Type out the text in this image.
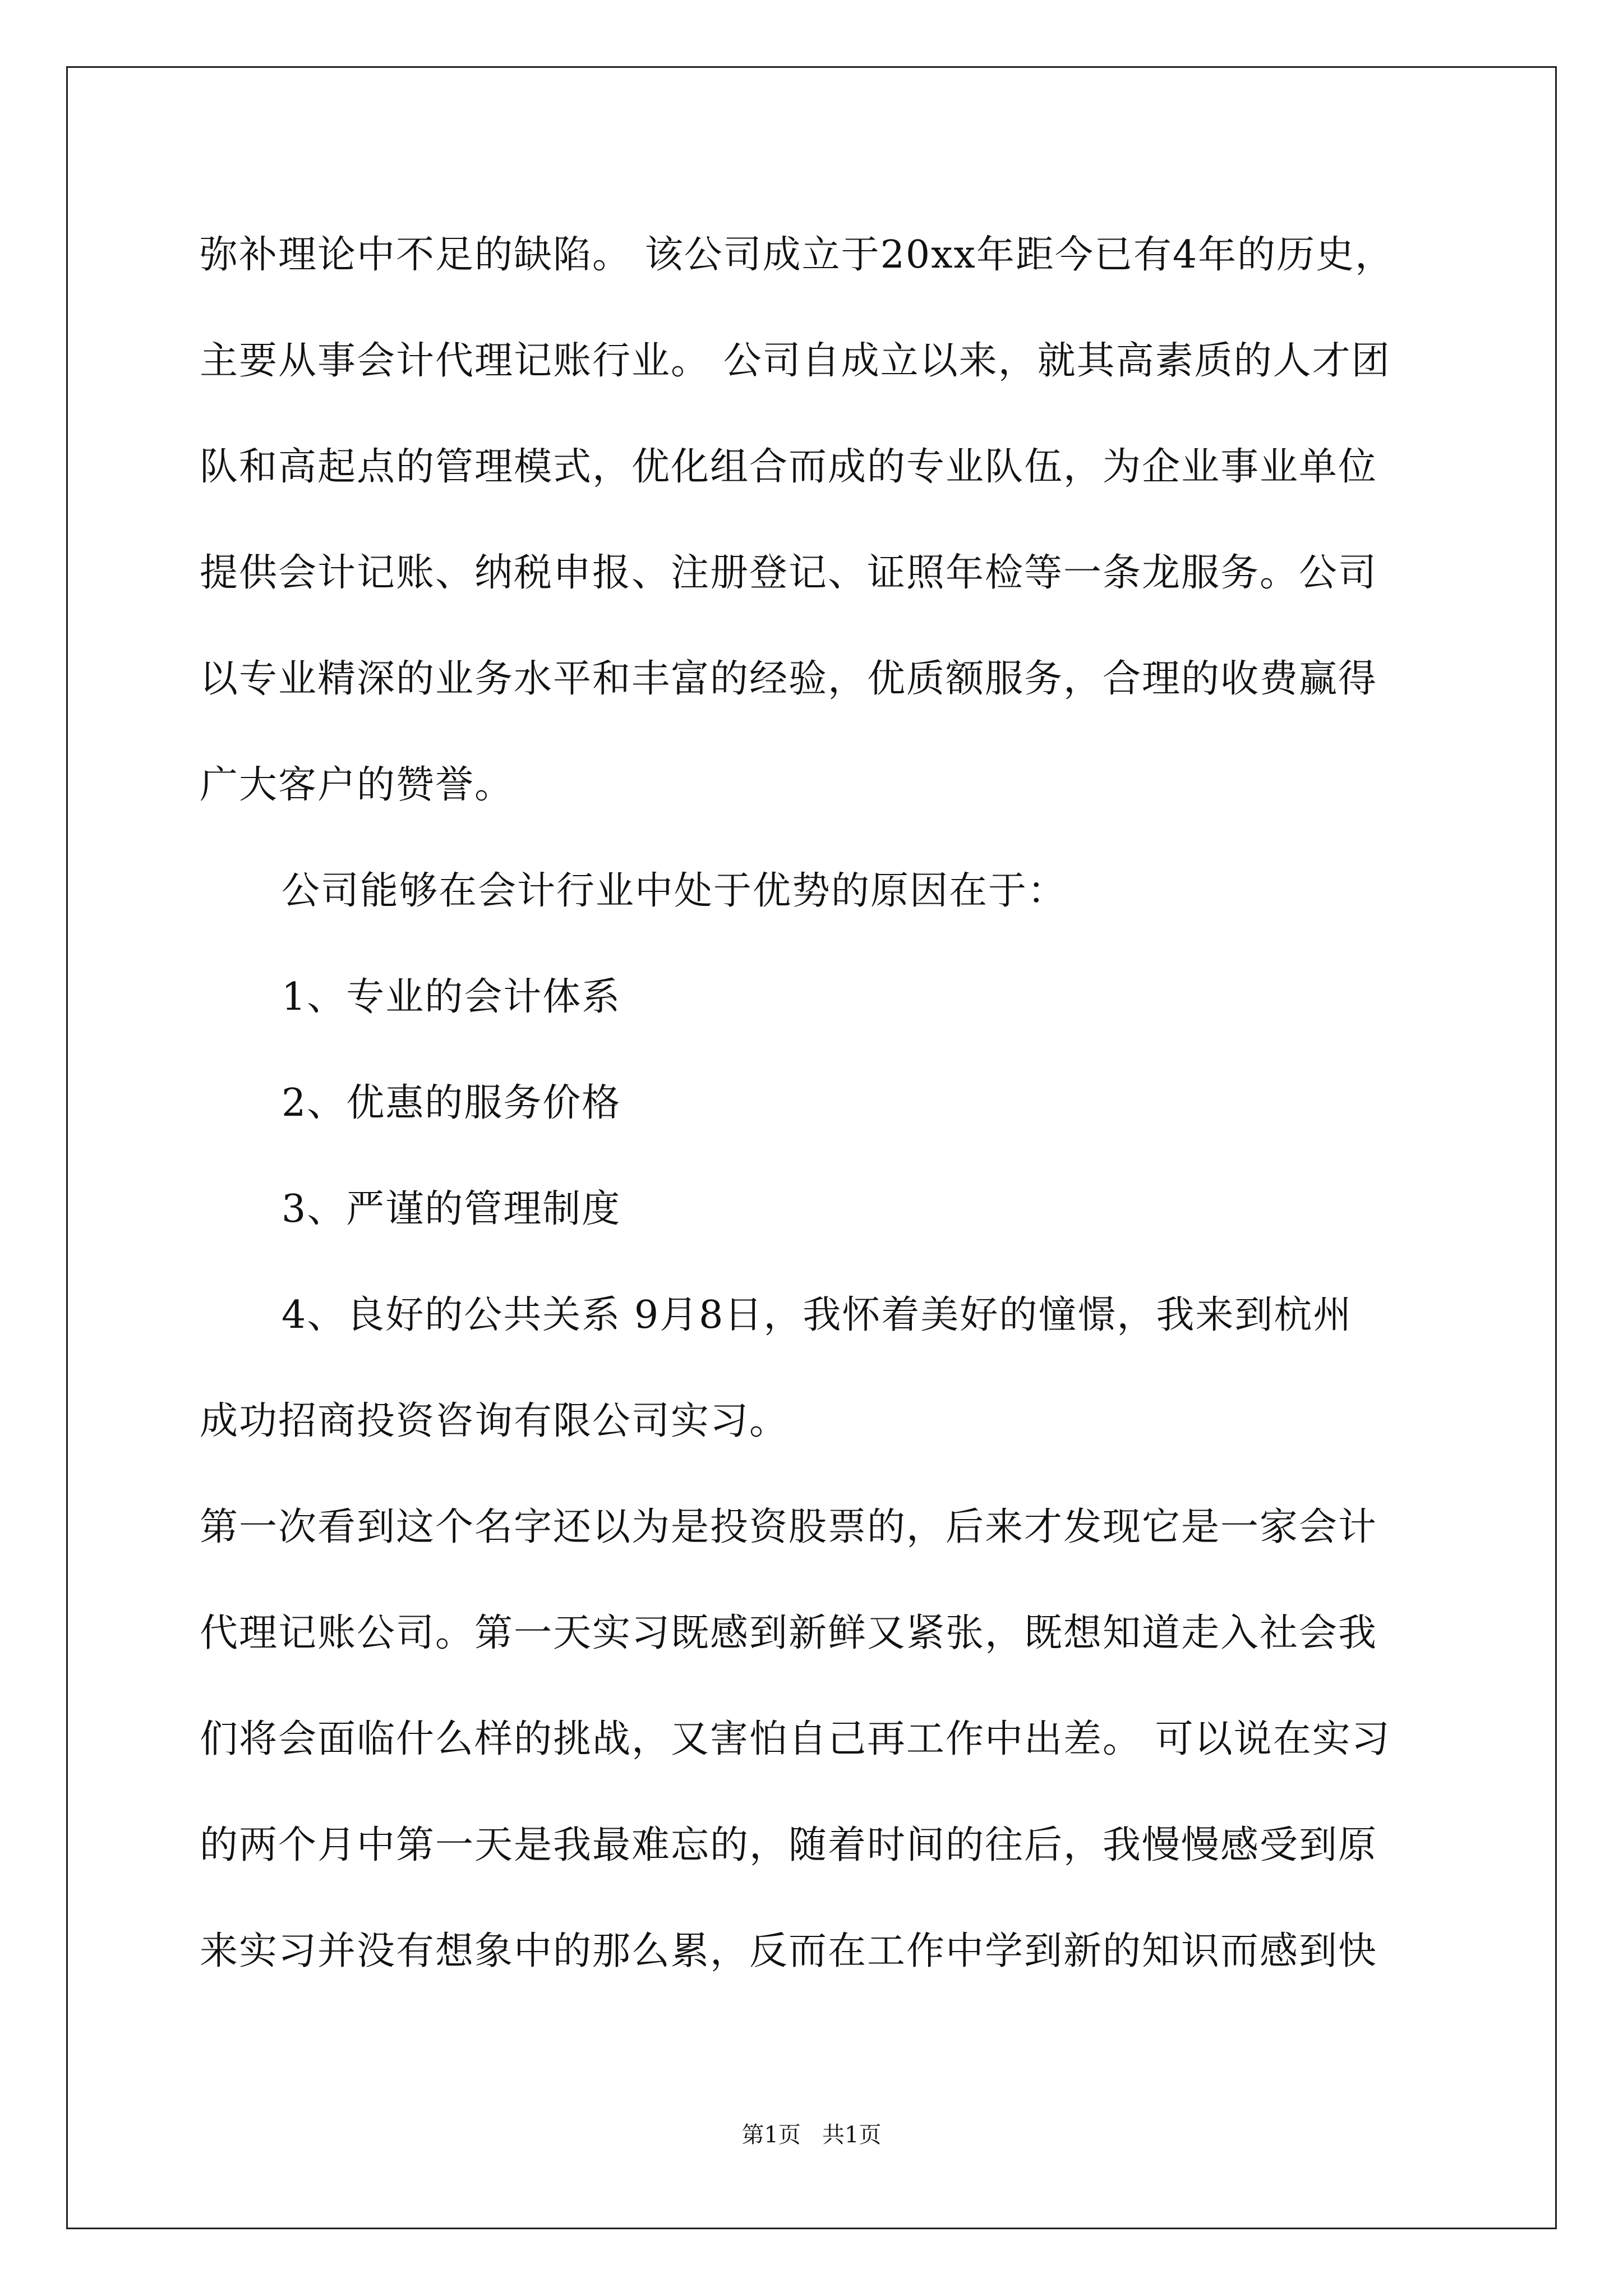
弥补理论中不足的缺陷。 该公司成立于20xx年距今已有4年的历史，
主要从事会计代理记账行业。 公司自成立以来，就其高素质的人才团
队和高起点的管理模式，优化组合而成的专业队伍，为企业事业单位
提供会计记账、纳税申报、注册登记、证照年检等一条龙服务。公司
以专业精深的业务水平和丰富的经验，优质额服务，合理的收费赢得
广大客户的赞誉。
公司能够在会计行业中处于优势的原因在于：
1、专业的会计体系
2、优惠的服务价格
3、严谨的管理制度
4、良好的公共关系 9月8日，我怀着美好的憧憬，我来到杭州
成功招商投资咨询有限公司实习。
第一次看到这个名字还以为是投资股票的，后来才发现它是一家会计
代理记账公司。第一天实习既感到新鲜又紧张，既想知道走入社会我
们将会面临什么样的挑战，又害怕自己再工作中出差。 可以说在实习
的两个月中第一天是我最难忘的，随着时间的往后，我慢慢感受到原
来实习并没有想象中的那么累，反而在工作中学到新的知识而感到快
第1页   共1页
